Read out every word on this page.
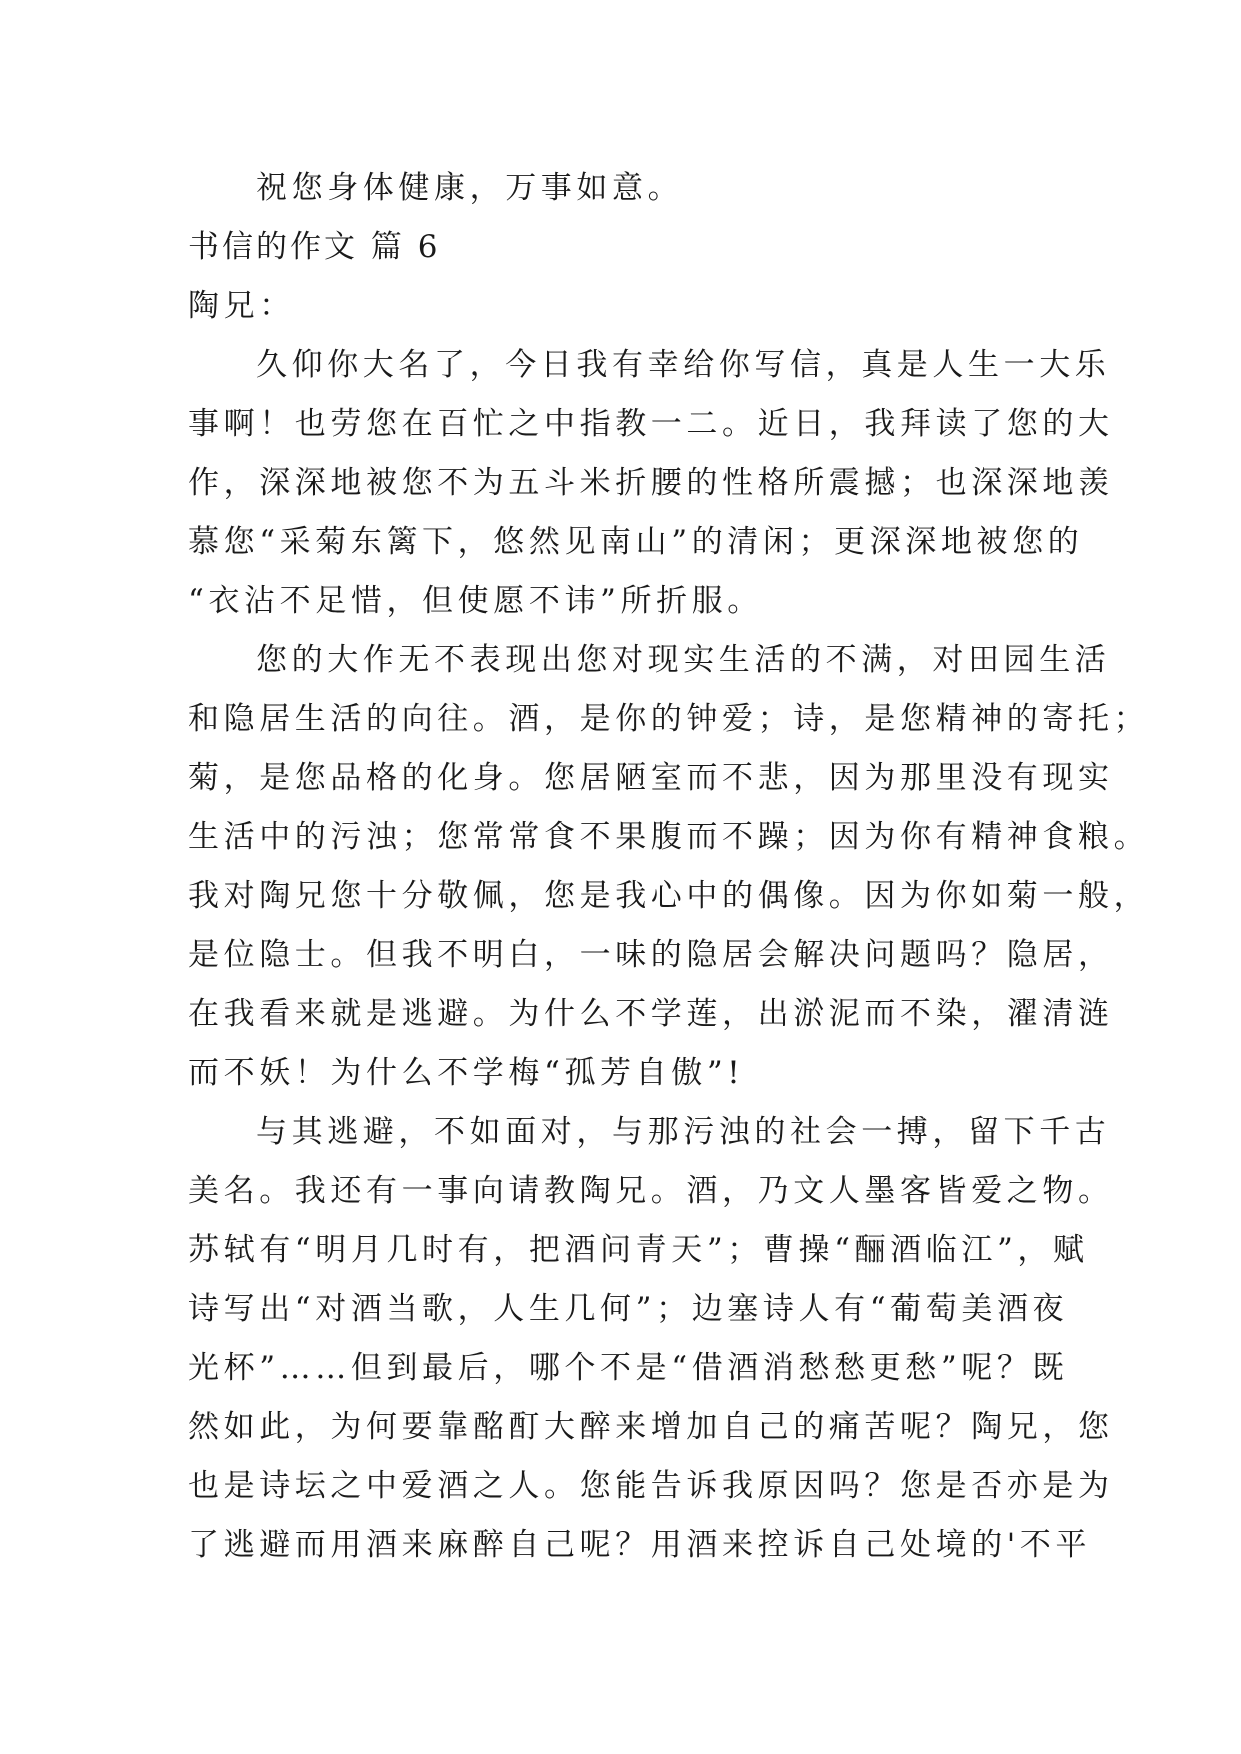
祝您身体健康，万事如意。

书信的作文 篇 6

陶兄：

久仰你大名了，今日我有幸给你写信，真是人生一大乐

事啊！也劳您在百忙之中指教一二。近日，我拜读了您的大

作，深深地被您不为五斗米折腰的性格所震撼；也深深地羡

慕您“采菊东篱下，悠然见南山”的清闲；更深深地被您的

“衣沾不足惜，但使愿不讳”所折服。

您的大作无不表现出您对现实生活的不满，对田园生活

和隐居生活的向往。酒，是你的钟爱；诗，是您精神的寄托；

菊，是您品格的化身。您居陋室而不悲，因为那里没有现实

生活中的污浊；您常常食不果腹而不躁；因为你有精神食粮。

我对陶兄您十分敬佩，您是我心中的偶像。因为你如菊一般，

是位隐士。但我不明白，一味的隐居会解决问题吗？隐居，

在我看来就是逃避。为什么不学莲，出淤泥而不染，濯清涟

而不妖！为什么不学梅“孤芳自傲”!

与其逃避，不如面对，与那污浊的社会一搏，留下千古

美名。我还有一事向请教陶兄。酒，乃文人墨客皆爱之物。

苏轼有“明月几时有，把酒问青天”；曹操“酾酒临江”，赋

诗写出“对酒当歌，人生几何”；边塞诗人有“葡萄美酒夜

光杯”……但到最后，哪个不是“借酒消愁愁更愁”呢？既

然如此，为何要靠酩酊大醉来增加自己的痛苦呢？陶兄，您

也是诗坛之中爱酒之人。您能告诉我原因吗？您是否亦是为

了逃避而用酒来麻醉自己呢？用酒来控诉自己处境的'不平
